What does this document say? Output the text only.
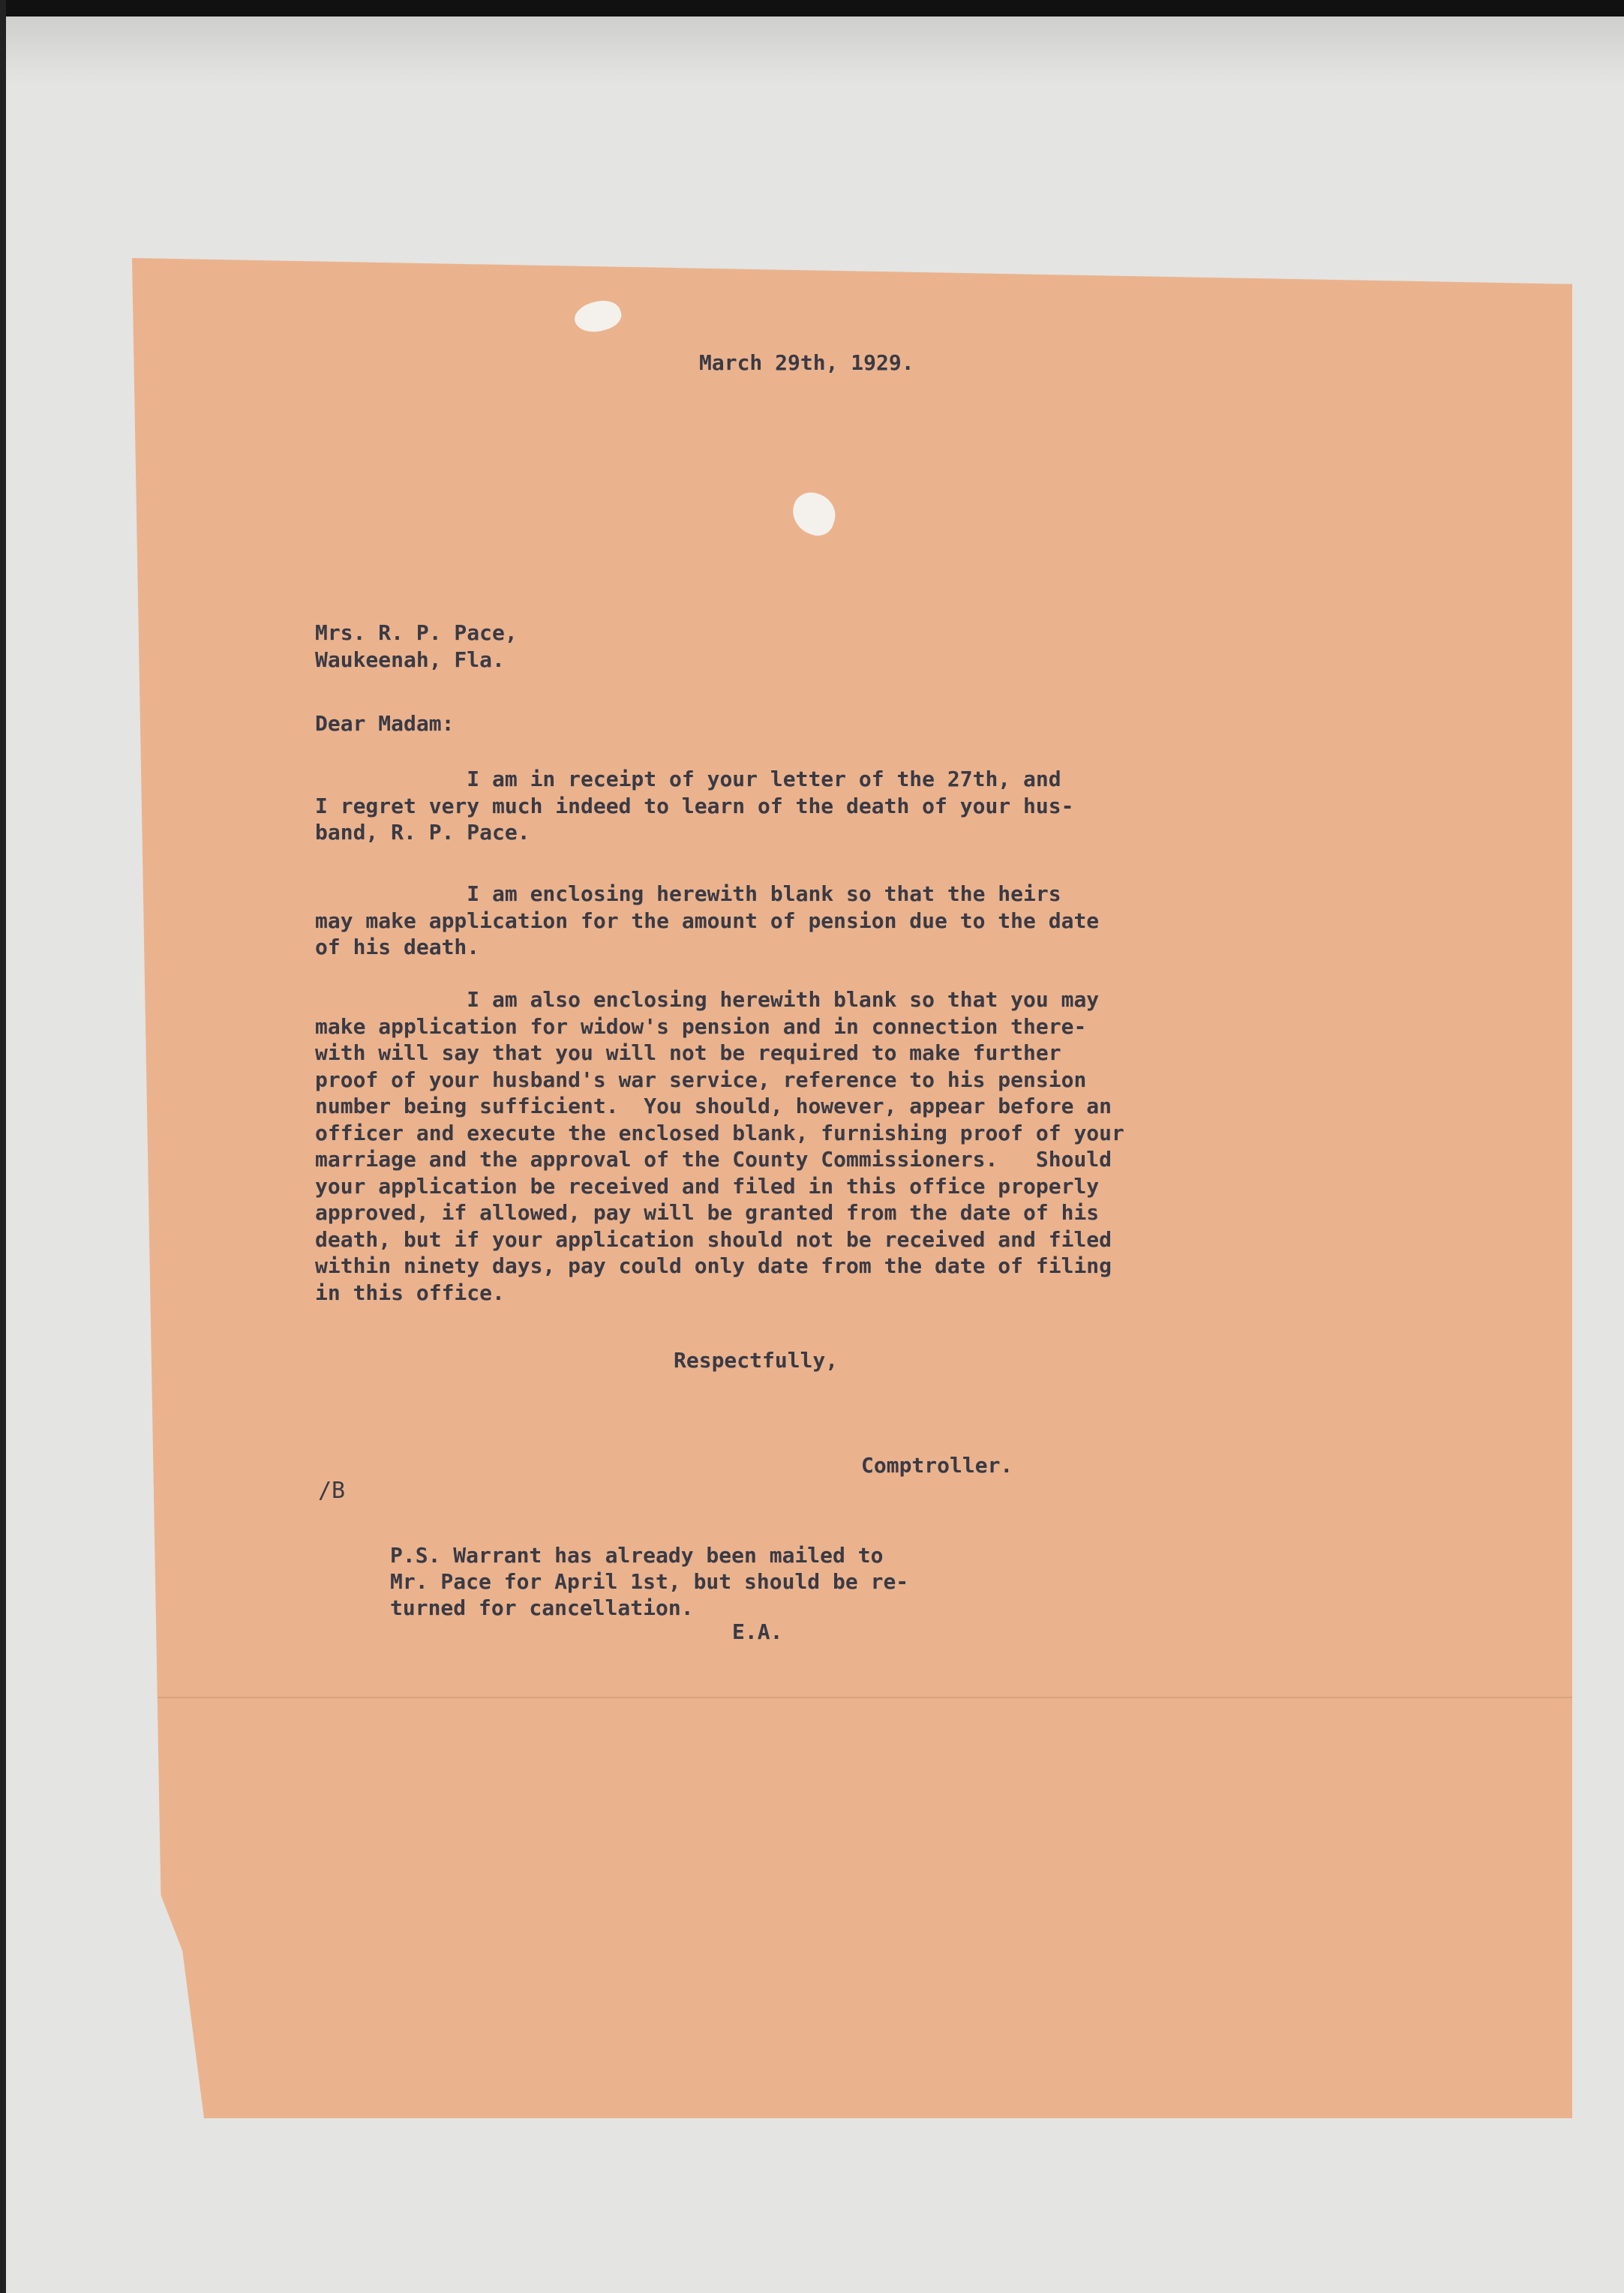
March 29th, 1929.
Mrs. R. P. Pace,
Waukeenah, Fla.
Dear Madam:
I am in receipt of your letter of the 27th, and
I regret very much indeed to learn of the death of your hus-
band, R. P. Pace.
I am enclosing herewith blank so that the heirs
may make application for the amount of pension due to the date
of his death.
I am also enclosing herewith blank so that you may
make application for widow's pension and in connection there-
with will say that you will not be required to make further
proof of your husband's war service, reference to his pension
number being sufficient.  You should, however, appear before an
officer and execute the enclosed blank, furnishing proof of your
marriage and the approval of the County Commissioners.   Should
your application be received and filed in this office properly
approved, if allowed, pay will be granted from the date of his
death, but if your application should not be received and filed
within ninety days, pay could only date from the date of filing
in this office.
Respectfully,
Comptroller.
/B
P.S. Warrant has already been mailed to
Mr. Pace for April 1st, but should be re-
turned for cancellation.
E.A.
